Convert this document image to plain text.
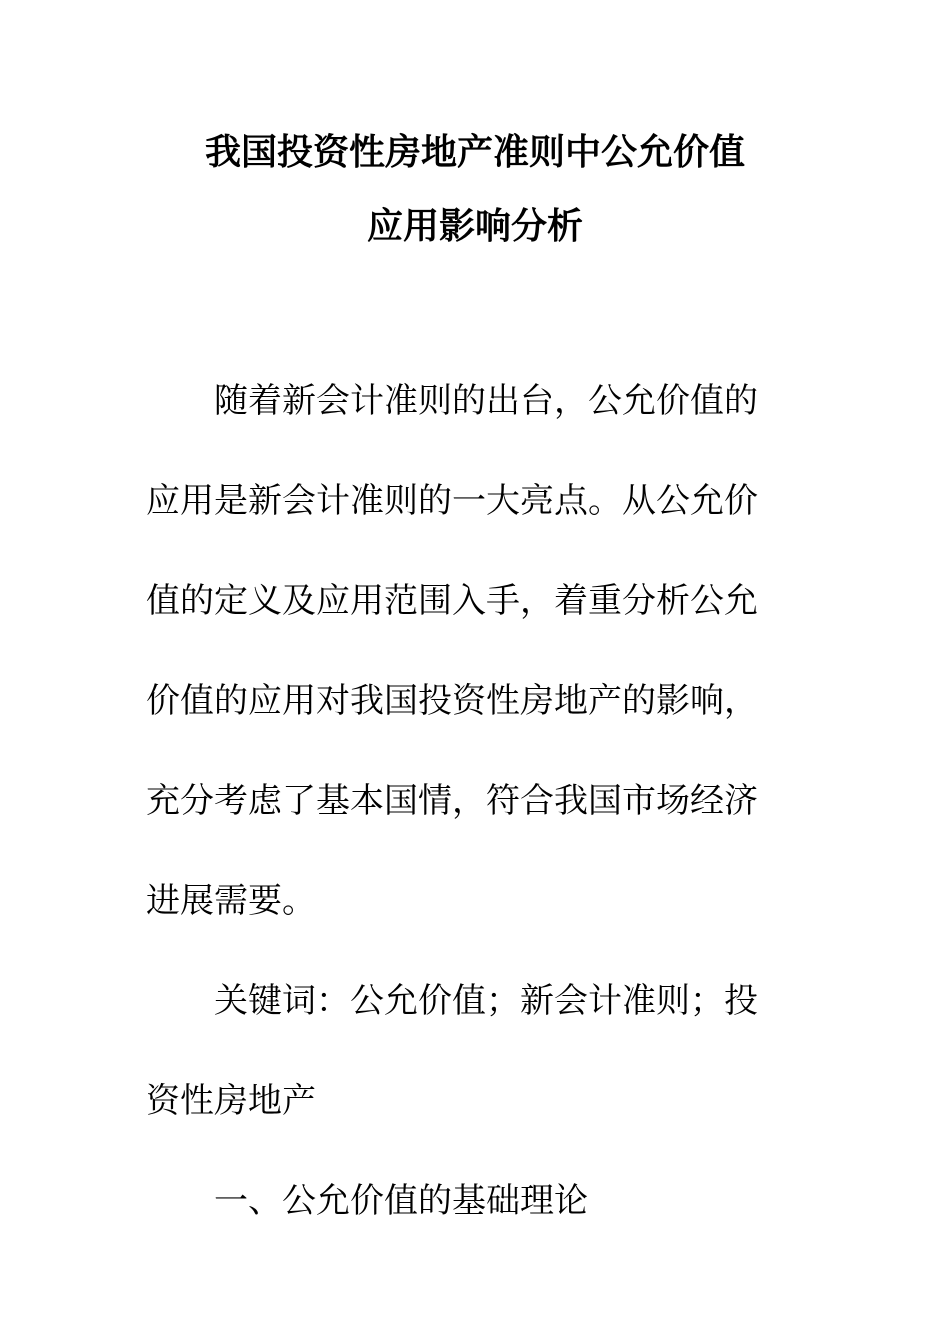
我国投资性房地产准则中公允价值
应用影响分析

随着新会计准则的出台，公允价值的

应用是新会计准则的一大亮点。从公允价

值的定义及应用范围入手，着重分析公允

价值的应用对我国投资性房地产的影响，

充分考虑了基本国情，符合我国市场经济

进展需要。

关键词：公允价值；新会计准则；投

资性房地产

一、公允价值的基础理论
